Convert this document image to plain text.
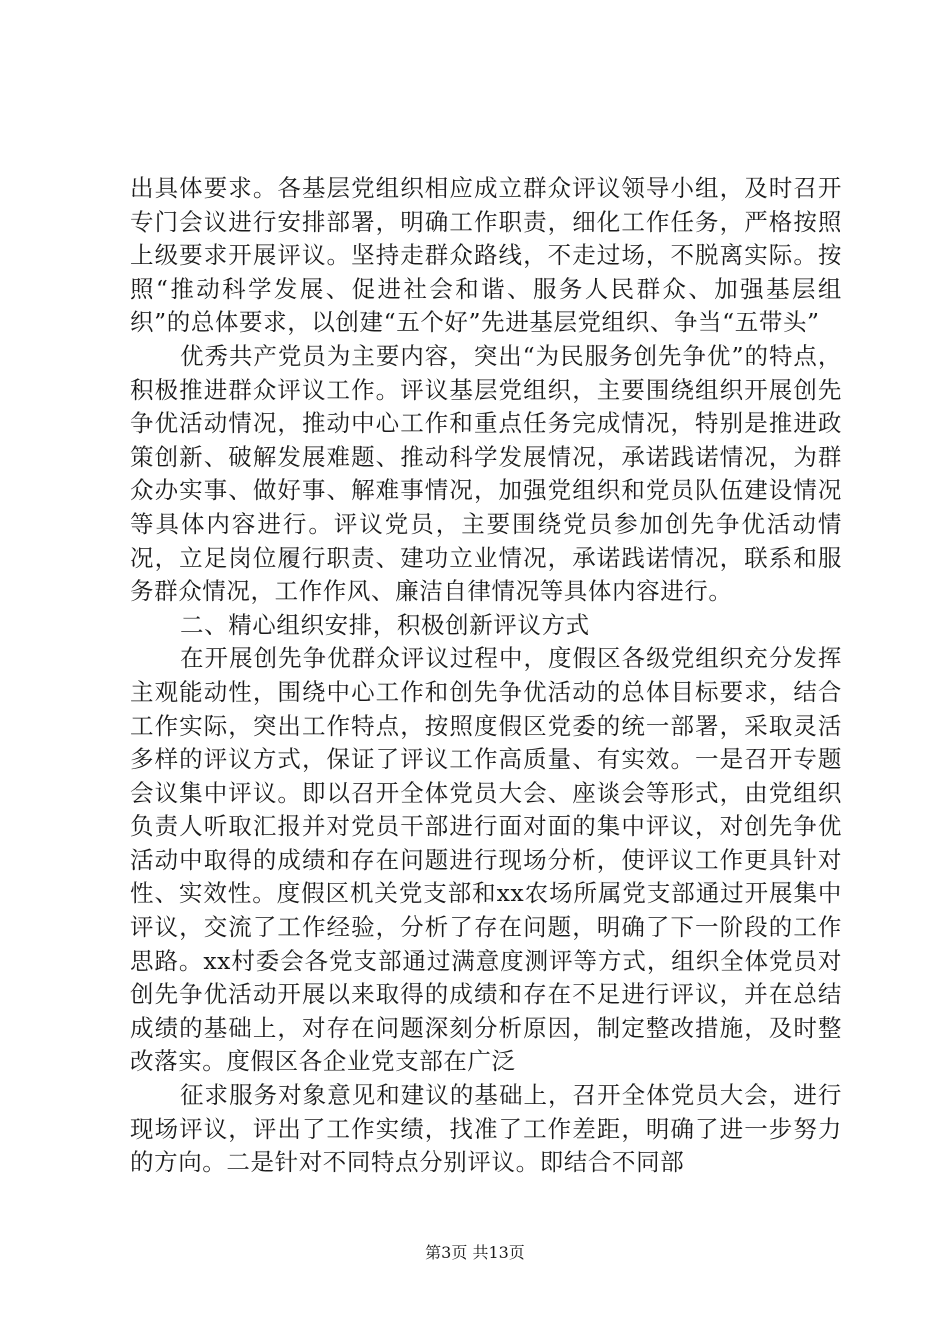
出具体要求。各基层党组织相应成立群众评议领导小组，及时召开专门会议进行安排部署，明确工作职责，细化工作任务，严格按照上级要求开展评议。坚持走群众路线，不走过场，不脱离实际。按照“推动科学发展、促进社会和谐、服务人民群众、加强基层组织”的总体要求，以创建“五个好”先进基层党组织、争当“五带头”

优秀共产党员为主要内容，突出“为民服务创先争优”的特点，积极推进群众评议工作。评议基层党组织，主要围绕组织开展创先争优活动情况，推动中心工作和重点任务完成情况，特别是推进政策创新、破解发展难题、推动科学发展情况，承诺践诺情况，为群众办实事、做好事、解难事情况，加强党组织和党员队伍建设情况等具体内容进行。评议党员，主要围绕党员参加创先争优活动情况，立足岗位履行职责、建功立业情况，承诺践诺情况，联系和服务群众情况，工作作风、廉洁自律情况等具体内容进行。

二、精心组织安排，积极创新评议方式

在开展创先争优群众评议过程中，度假区各级党组织充分发挥主观能动性，围绕中心工作和创先争优活动的总体目标要求，结合工作实际，突出工作特点，按照度假区党委的统一部署，采取灵活多样的评议方式，保证了评议工作高质量、有实效。一是召开专题会议集中评议。即以召开全体党员大会、座谈会等形式，由党组织负责人听取汇报并对党员干部进行面对面的集中评议，对创先争优活动中取得的成绩和存在问题进行现场分析，使评议工作更具针对性、实效性。度假区机关党支部和xx农场所属党支部通过开展集中评议，交流了工作经验，分析了存在问题，明确了下一阶段的工作思路。xx村委会各党支部通过满意度测评等方式，组织全体党员对创先争优活动开展以来取得的成绩和存在不足进行评议，并在总结成绩的基础上，对存在问题深刻分析原因，制定整改措施，及时整改落实。度假区各企业党支部在广泛

征求服务对象意见和建议的基础上，召开全体党员大会，进行现场评议，评出了工作实绩，找准了工作差距，明确了进一步努力的方向。二是针对不同特点分别评议。即结合不同部

第3页 共13页
